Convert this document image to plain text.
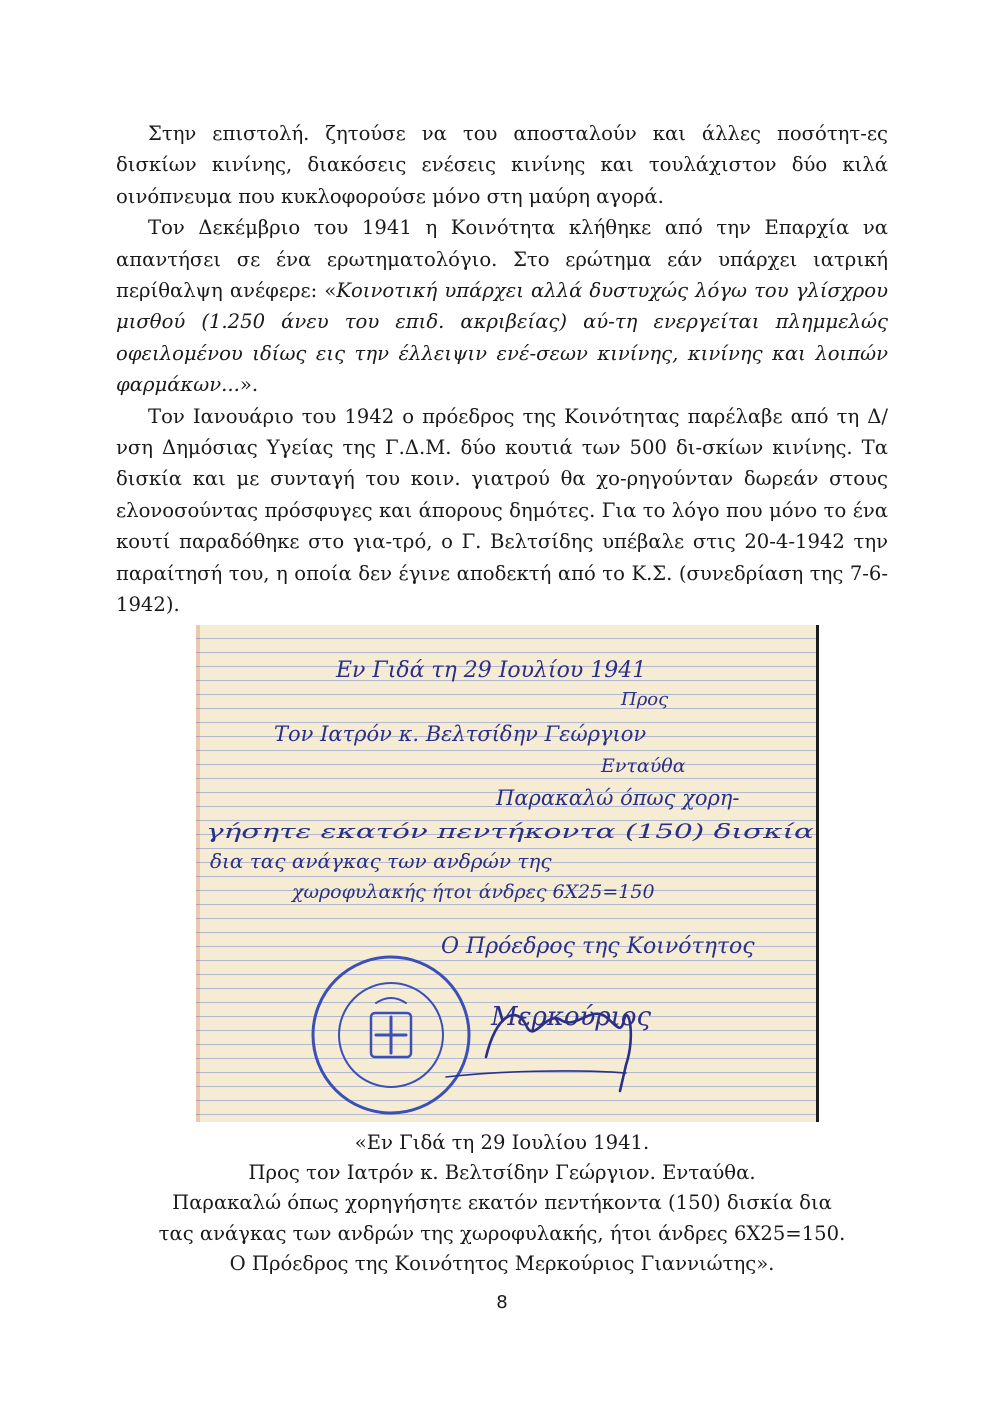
Στην επιστολή. ζητούσε να του αποσταλούν και άλλες ποσότητ-ες δισκίων κινίνης, διακόσεις ενέσεις κινίνης και τουλάχιστον δύο κιλά οινόπνευμα που κυκλοφορούσε μόνο στη μαύρη αγορά.

Τον Δεκέμβριο του 1941 η Κοινότητα κλήθηκε από την Επαρχία να απαντήσει σε ένα ερωτηματολόγιο. Στο ερώτημα εάν υπάρχει ιατρική περίθαλψη ανέφερε: «Κοινοτική υπάρχει αλλά δυστυχώς λόγω του γλίσχρου μισθού (1.250 άνευ του επιδ. ακριβείας) αύ-τη ενεργείται πλημμελώς οφειλομένου ιδίως εις την έλλειψιν ενέ-σεων κινίνης, κινίνης και λοιπών φαρμάκων...».

Τον Ιανουάριο του 1942 ο πρόεδρος της Κοινότητας παρέλαβε από τη Δ/νση Δημόσιας Υγείας της Γ.Δ.Μ. δύο κουτιά των 500 δι-σκίων κινίνης. Τα δισκία και με συνταγή του κοιν. γιατρού θα χο-ρηγούνταν δωρεάν στους ελονοσούντας πρόσφυγες και άπορους δημότες. Για το λόγο που μόνο το ένα κουτί παραδόθηκε στο για-τρό, ο Γ. Βελτσίδης υπέβαλε στις 20-4-1942 την παραίτησή του, η οποία δεν έγινε αποδεκτή από το Κ.Σ. (συνεδρίαση της 7-6-1942).

Εν Γιδά τη 29 Ιουλίου 1941
Προς
Τον Ιατρόν κ. Βελτσίδην Γεώργιον
Ενταύθα
Παρακαλώ όπως χορη-
γήσητε εκατόν πεντήκοντα (150) δισκία
δια τας ανάγκας των ανδρών της
χωροφυλακής ήτοι άνδρες 6Χ25=150
Ο Πρόεδρος της Κοινότητος
Μερκούριος
«Εν Γιδά τη 29 Ιουλίου 1941.
Προς τον Ιατρόν κ. Βελτσίδην Γεώργιον. Ενταύθα.
Παρακαλώ όπως χορηγήσητε εκατόν πεντήκοντα (150) δισκία δια
τας ανάγκας των ανδρών της χωροφυλακής, ήτοι άνδρες 6Χ25=150.
Ο Πρόεδρος της Κοινότητος Μερκούριος Γιαννιώτης».
8
